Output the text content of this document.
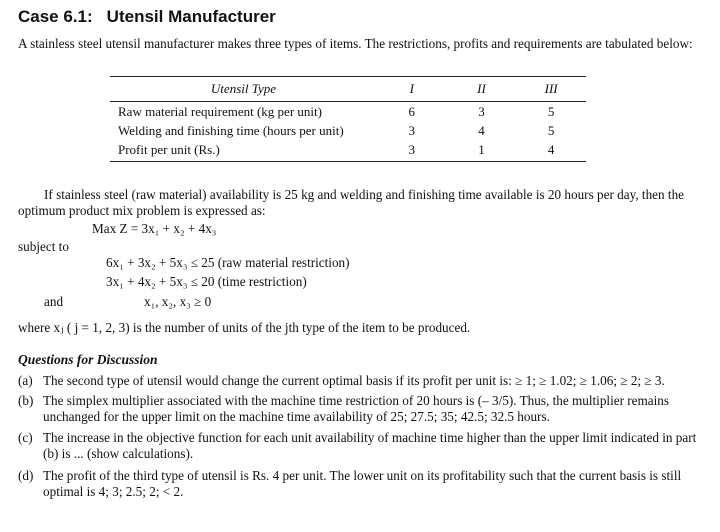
Case 6.1: Utensil Manufacturer
A stainless steel utensil manufacturer makes three types of items. The restrictions, profits and requirements are tabulated below:
Utensil Type	I	II	III
Raw material requirement (kg per unit)	6	3	5
Welding and finishing time (hours per unit)	3	4	5
Profit per unit (Rs.)	3	1	4
If stainless steel (raw material) availability is 25 kg and welding and finishing time available is 20 hours per day, then the optimum product mix problem is expressed as:
Max Z = 3x₁ + x₂ + 4x₃
subject to
6x₁ + 3x₂ + 5x₃ ≤ 25 (raw material restriction)
3x₁ + 4x₂ + 5x₃ ≤ 20 (time restriction)
and	x₁, x₂, x₃ ≥ 0
where xⱼ ( j = 1, 2, 3) is the number of units of the jth type of the item to be produced.
Questions for Discussion
(a) The second type of utensil would change the current optimal basis if its profit per unit is: ≥ 1; ≥ 1.02; ≥ 1.06; ≥ 2; ≥ 3.
(b) The simplex multiplier associated with the machine time restriction of 20 hours is (– 3/5). Thus, the multiplier remains unchanged for the upper limit on the machine time availability of 25; 27.5; 35; 42.5; 32.5 hours.
(c) The increase in the objective function for each unit availability of machine time higher than the upper limit indicated in part (b) is ... (show calculations).
(d) The profit of the third type of utensil is Rs. 4 per unit. The lower unit on its profitability such that the current basis is still optimal is 4; 3; 2.5; 2; < 2.
